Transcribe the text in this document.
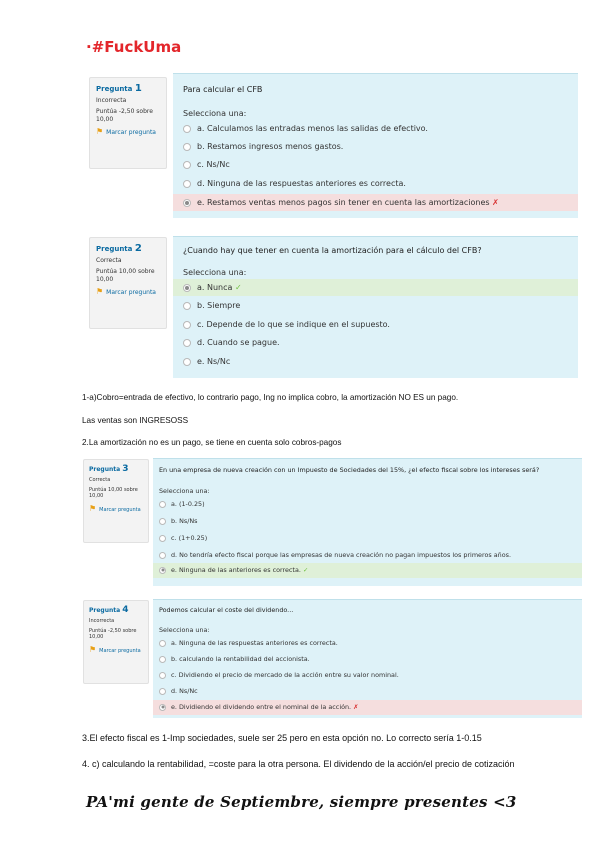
·#FuckUma
Pregunta 1
Incorrecta
Puntúa -2,50 sobre 10,00
⚑ Marcar pregunta
Para calcular el CFB
Selecciona una:
a. Calculamos las entradas menos las salidas de efectivo.
b. Restamos ingresos menos gastos.
c. Ns/Nc
d. Ninguna de las respuestas anteriores es correcta.
e. Restamos ventas menos pagos sin tener en cuenta las amortizaciones ✗
Pregunta 2
Correcta
Puntúa 10,00 sobre 10,00
⚑ Marcar pregunta
¿Cuando hay que tener en cuenta la amortización para el cálculo del CFB?
Selecciona una:
a. Nunca ✓
b. Siempre
c. Depende de lo que se indique en el supuesto.
d. Cuando se pague.
e. Ns/Nc
1-a)Cobro=entrada de efectivo, lo contrario pago, Ing no implica cobro, la amortización NO ES un pago.
Las ventas son INGRESOSS
2.La amortización no es un pago, se tiene en cuenta solo cobros-pagos
Pregunta 3
Correcta
Puntúa 10,00 sobre 10,00
⚑ Marcar pregunta
En una empresa de nueva creación con un Impuesto de Sociedades del 15%, ¿el efecto fiscal sobre los intereses será?
Selecciona una:
a. (1-0.25)
b. Ns/Ns
c. (1+0.25)
d. No tendría efecto fiscal porque las empresas de nueva creación no pagan impuestos los primeros años.
e. Ninguna de las anteriores es correcta. ✓
Pregunta 4
Incorrecta
Puntúa -2,50 sobre 10,00
⚑ Marcar pregunta
Podemos calcular el coste del dividendo...
Selecciona una:
a. Ninguna de las respuestas anteriores es correcta.
b. calculando la rentabilidad del accionista.
c. Dividiendo el precio de mercado de la acción entre su valor nominal.
d. Ns/Nc
e. Dividiendo el dividendo entre el nominal de la acción. ✗
3.El efecto fiscal es 1-Imp sociedades, suele ser 25 pero en esta opción no. Lo correcto sería 1-0.15
4. c) calculando la rentabilidad, =coste para la otra persona. El dividendo de la acción/el precio de cotización
PA'mi gente de Septiembre, siempre presentes <3
